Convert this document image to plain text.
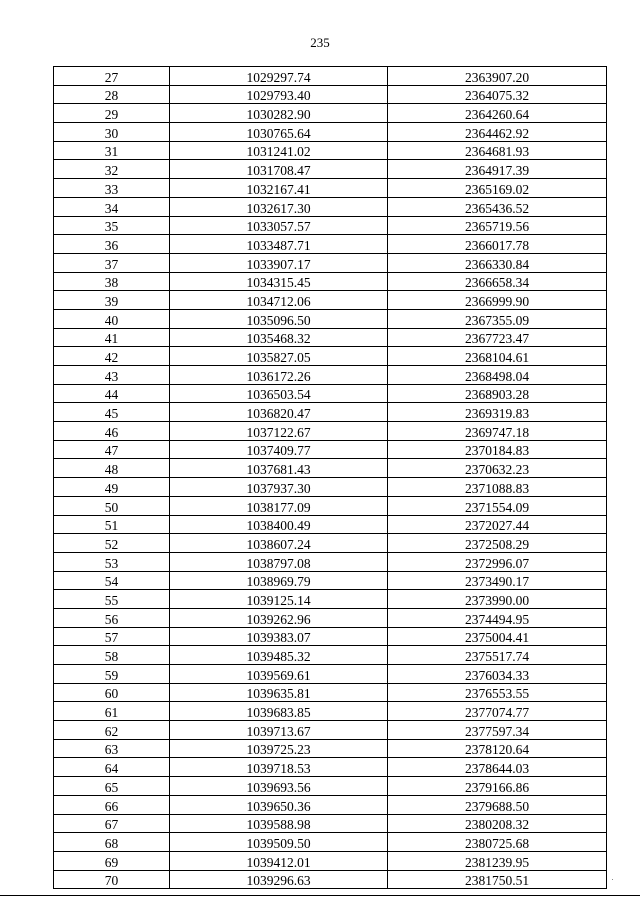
235
27	1029297.74	2363907.20
28	1029793.40	2364075.32
29	1030282.90	2364260.64
30	1030765.64	2364462.92
31	1031241.02	2364681.93
32	1031708.47	2364917.39
33	1032167.41	2365169.02
34	1032617.30	2365436.52
35	1033057.57	2365719.56
36	1033487.71	2366017.78
37	1033907.17	2366330.84
38	1034315.45	2366658.34
39	1034712.06	2366999.90
40	1035096.50	2367355.09
41	1035468.32	2367723.47
42	1035827.05	2368104.61
43	1036172.26	2368498.04
44	1036503.54	2368903.28
45	1036820.47	2369319.83
46	1037122.67	2369747.18
47	1037409.77	2370184.83
48	1037681.43	2370632.23
49	1037937.30	2371088.83
50	1038177.09	2371554.09
51	1038400.49	2372027.44
52	1038607.24	2372508.29
53	1038797.08	2372996.07
54	1038969.79	2373490.17
55	1039125.14	2373990.00
56	1039262.96	2374494.95
57	1039383.07	2375004.41
58	1039485.32	2375517.74
59	1039569.61	2376034.33
60	1039635.81	2376553.55
61	1039683.85	2377074.77
62	1039713.67	2377597.34
63	1039725.23	2378120.64
64	1039718.53	2378644.03
65	1039693.56	2379166.86
66	1039650.36	2379688.50
67	1039588.98	2380208.32
68	1039509.50	2380725.68
69	1039412.01	2381239.95
70	1039296.63	2381750.51
